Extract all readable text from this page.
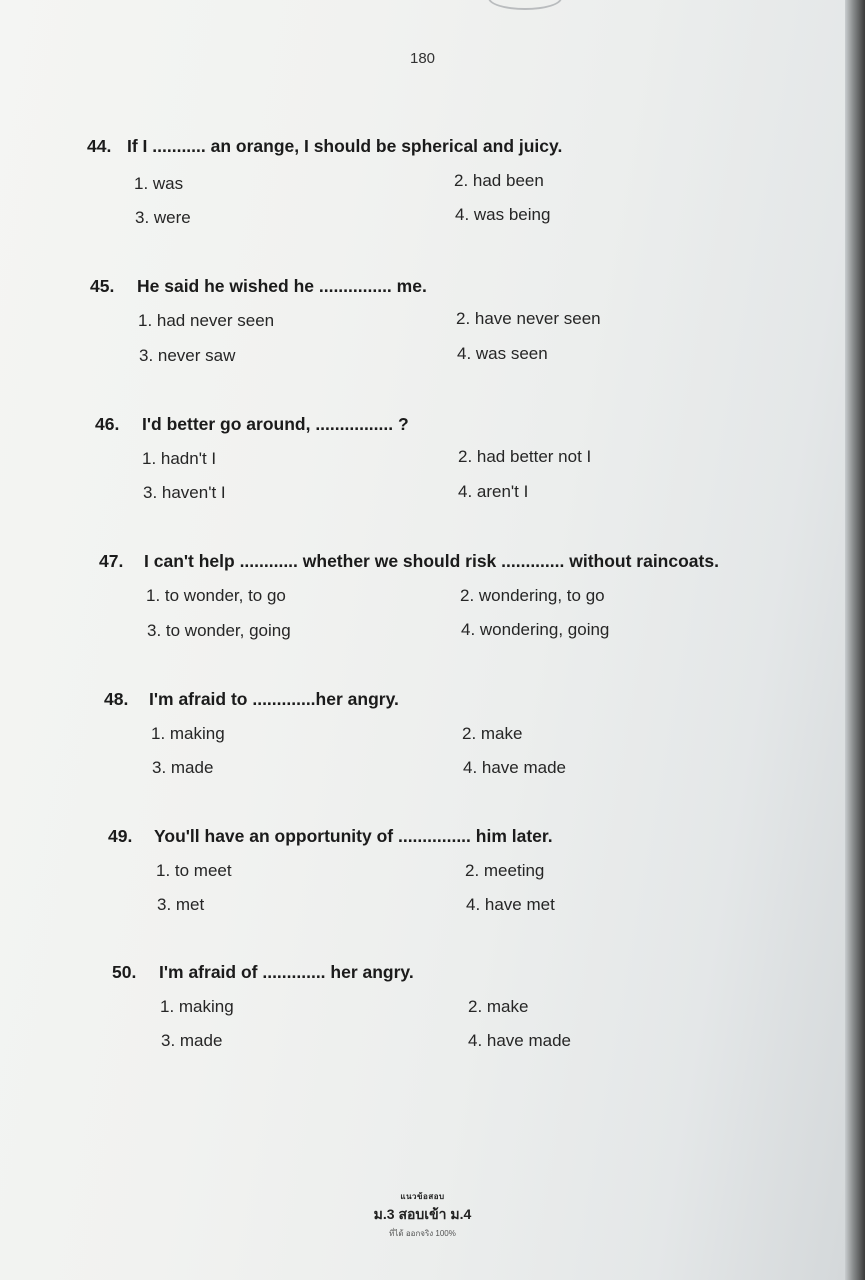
180
44. If I ........... an orange, I should be spherical and juicy.
1. was	2. had been
3. were	4. was being
45. He said he wished he ............... me.
1. had never seen	2. have never seen
3. never saw	4. was seen
46. I'd better go around, ................ ?
1. hadn't I	2. had better not I
3. haven't I	4. aren't I
47. I can't help ............ whether we should risk ............. without raincoats.
1. to wonder, to go	2. wondering, to go
3. to wonder, going	4. wondering, going
48. I'm afraid to .............her angry.
1. making	2. make
3. made	4. have made
49. You'll have an opportunity of ............... him later.
1. to meet	2. meeting
3. met	4. have met
50. I'm afraid of ............. her angry.
1. making	2. make
3. made	4. have made
แนวข้อสอบ
ม.3 สอบเข้า ม.4
ที่ได้ ออกจริง 100%
